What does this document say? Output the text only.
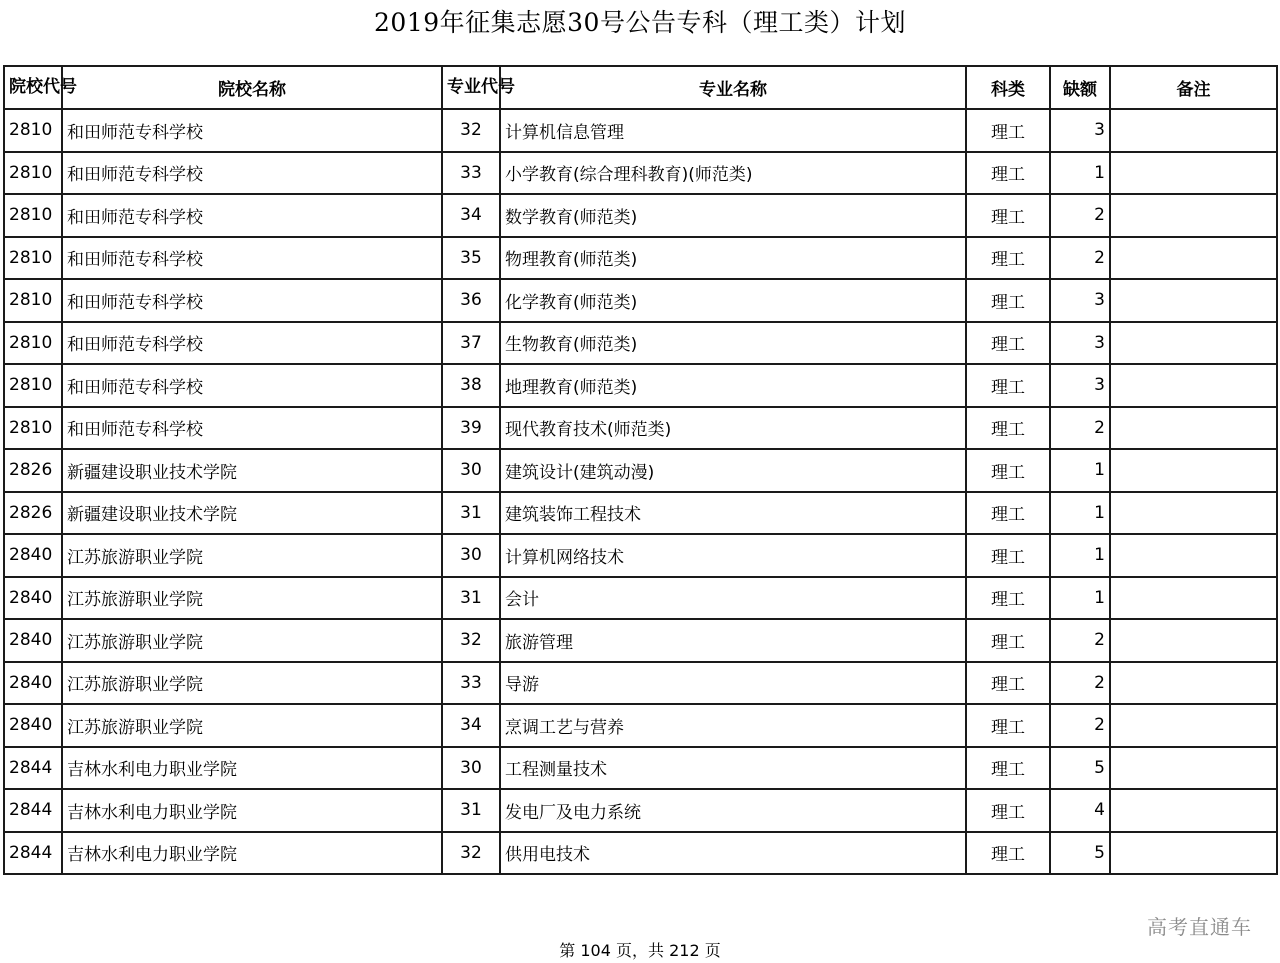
2019年征集志愿30号公告专科（理工类）计划
院校代号	院校名称	专业代号	专业名称	科类	缺额	备注
2810	和田师范专科学校	32	计算机信息管理	理工	3	
2810	和田师范专科学校	33	小学教育(综合理科教育)(师范类)	理工	1	
2810	和田师范专科学校	34	数学教育(师范类)	理工	2	
2810	和田师范专科学校	35	物理教育(师范类)	理工	2	
2810	和田师范专科学校	36	化学教育(师范类)	理工	3	
2810	和田师范专科学校	37	生物教育(师范类)	理工	3	
2810	和田师范专科学校	38	地理教育(师范类)	理工	3	
2810	和田师范专科学校	39	现代教育技术(师范类)	理工	2	
2826	新疆建设职业技术学院	30	建筑设计(建筑动漫)	理工	1	
2826	新疆建设职业技术学院	31	建筑装饰工程技术	理工	1	
2840	江苏旅游职业学院	30	计算机网络技术	理工	1	
2840	江苏旅游职业学院	31	会计	理工	1	
2840	江苏旅游职业学院	32	旅游管理	理工	2	
2840	江苏旅游职业学院	33	导游	理工	2	
2840	江苏旅游职业学院	34	烹调工艺与营养	理工	2	
2844	吉林水利电力职业学院	30	工程测量技术	理工	5	
2844	吉林水利电力职业学院	31	发电厂及电力系统	理工	4	
2844	吉林水利电力职业学院	32	供用电技术	理工	5	
高考直通车
第 104 页，共 212 页
